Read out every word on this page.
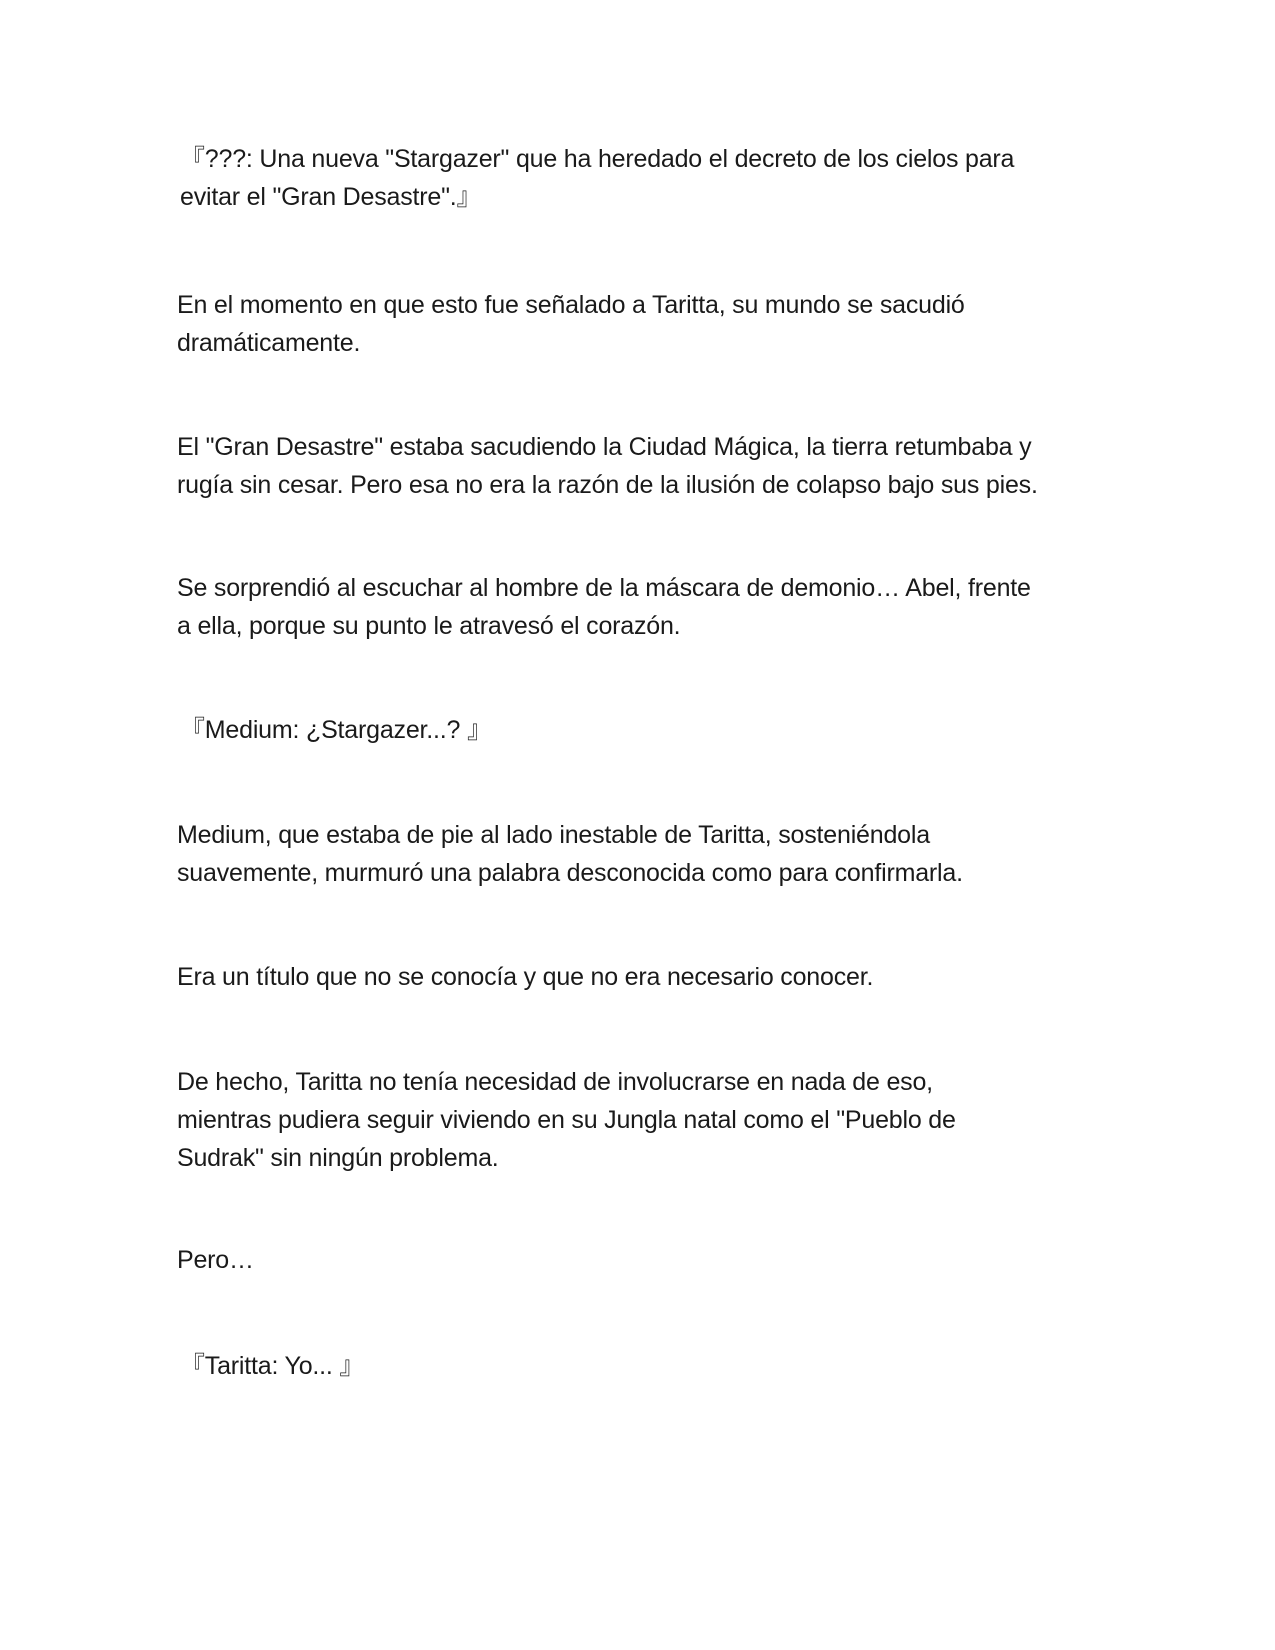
『???: Una nueva "Stargazer" que ha heredado el decreto de los cielos para
evitar el "Gran Desastre".』

En el momento en que esto fue señalado a Taritta, su mundo se sacudió
dramáticamente.

El "Gran Desastre" estaba sacudiendo la Ciudad Mágica, la tierra retumbaba y
rugía sin cesar. Pero esa no era la razón de la ilusión de colapso bajo sus pies.

Se sorprendió al escuchar al hombre de la máscara de demonio… Abel, frente
a ella, porque su punto le atravesó el corazón.

『Medium: ¿Stargazer...? 』

Medium, que estaba de pie al lado inestable de Taritta, sosteniéndola
suavemente, murmuró una palabra desconocida como para confirmarla.

Era un título que no se conocía y que no era necesario conocer.

De hecho, Taritta no tenía necesidad de involucrarse en nada de eso,
mientras pudiera seguir viviendo en su Jungla natal como el "Pueblo de
Sudrak" sin ningún problema.

Pero…

『Taritta: Yo... 』
